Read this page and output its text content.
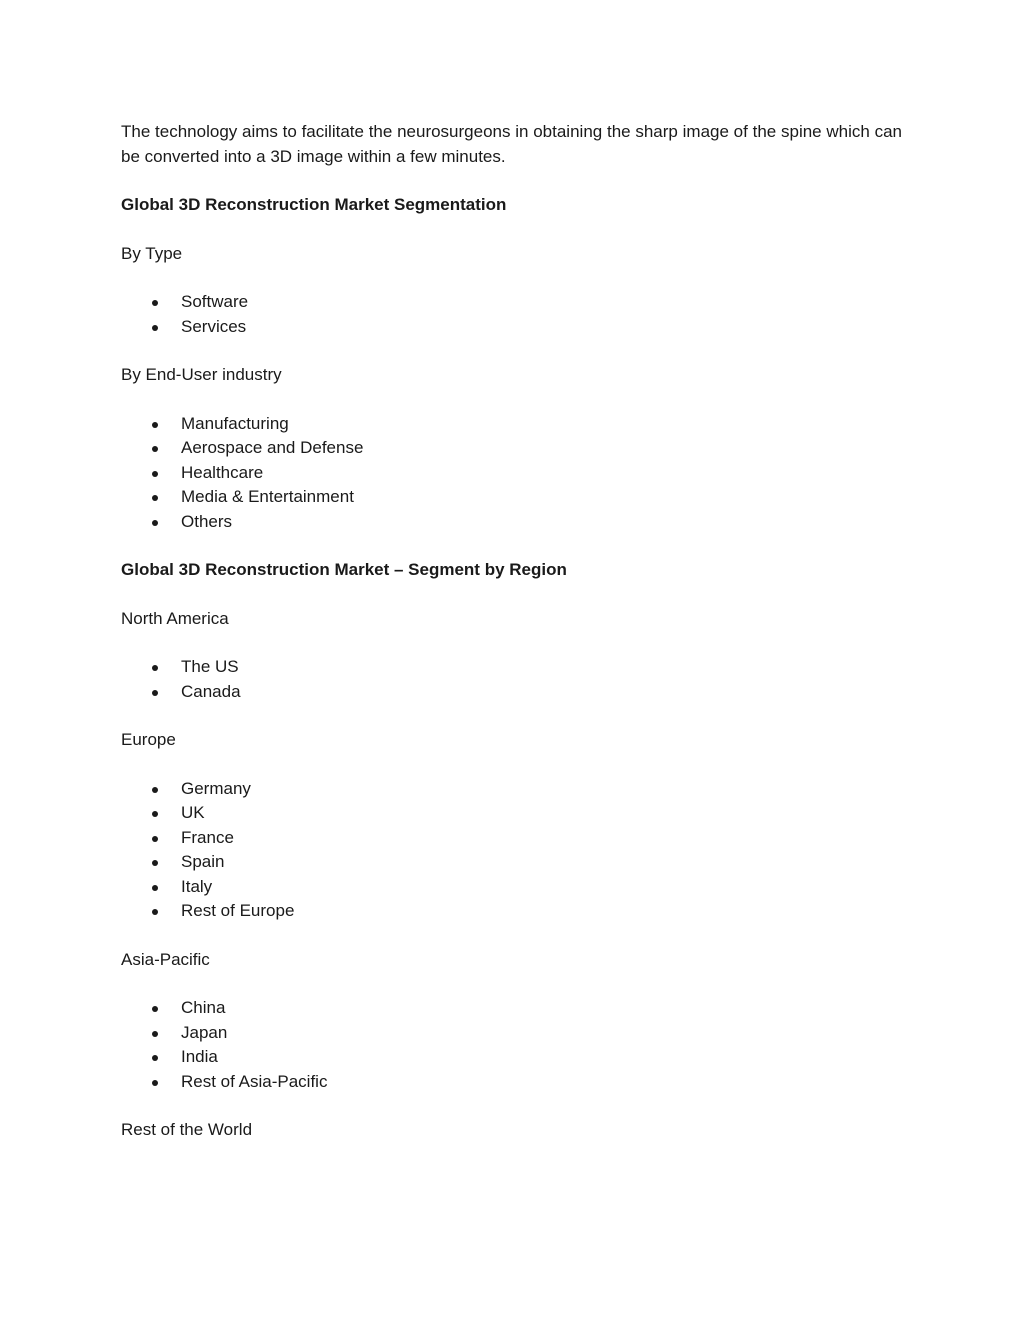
The technology aims to facilitate the neurosurgeons in obtaining the sharp image of the spine which can be converted into a 3D image within a few minutes.

Global 3D Reconstruction Market Segmentation
By Type
Software
Services
By End-User industry
Manufacturing
Aerospace and Defense
Healthcare
Media & Entertainment
Others
Global 3D Reconstruction Market – Segment by Region
North America
The US
Canada
Europe
Germany
UK
France
Spain
Italy
Rest of Europe
Asia-Pacific
China
Japan
India
Rest of Asia-Pacific
Rest of the World
